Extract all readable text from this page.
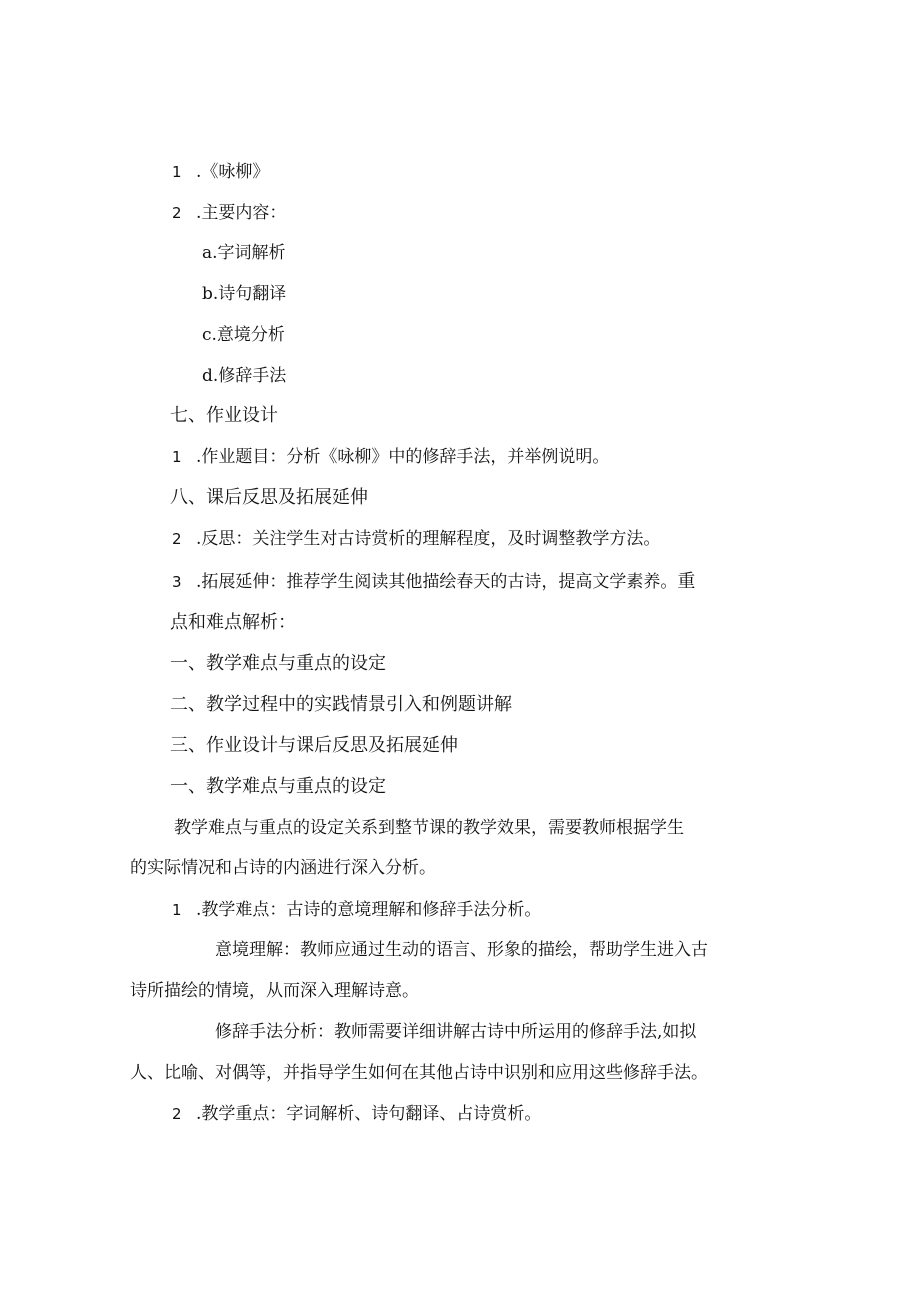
1 .《咏柳》
2 .主要内容：
a.字词解析
b.诗句翻译
c.意境分析
d.修辞手法
七、作业设计
1 .作业题目：分析《咏柳》中的修辞手法，并举例说明。
八、课后反思及拓展延伸
2 .反思：关注学生对古诗赏析的理解程度，及时调整教学方法。
3 .拓展延伸：推荐学生阅读其他描绘春天的古诗，提高文学素养。重
点和难点解析：
一、教学难点与重点的设定
二、教学过程中的实践情景引入和例题讲解
三、作业设计与课后反思及拓展延伸
一、教学难点与重点的设定
教学难点与重点的设定关系到整节课的教学效果，需要教师根据学生
的实际情况和占诗的内涵进行深入分析。
1 .教学难点：古诗的意境理解和修辞手法分析。
意境理解：教师应通过生动的语言、形象的描绘，帮助学生进入古
诗所描绘的情境，从而深入理解诗意。
修辞手法分析：教师需要详细讲解古诗中所运用的修辞手法,如拟
人、比喻、对偶等，并指导学生如何在其他占诗中识别和应用这些修辞手法。
2 .教学重点：字词解析、诗句翻译、占诗赏析。
